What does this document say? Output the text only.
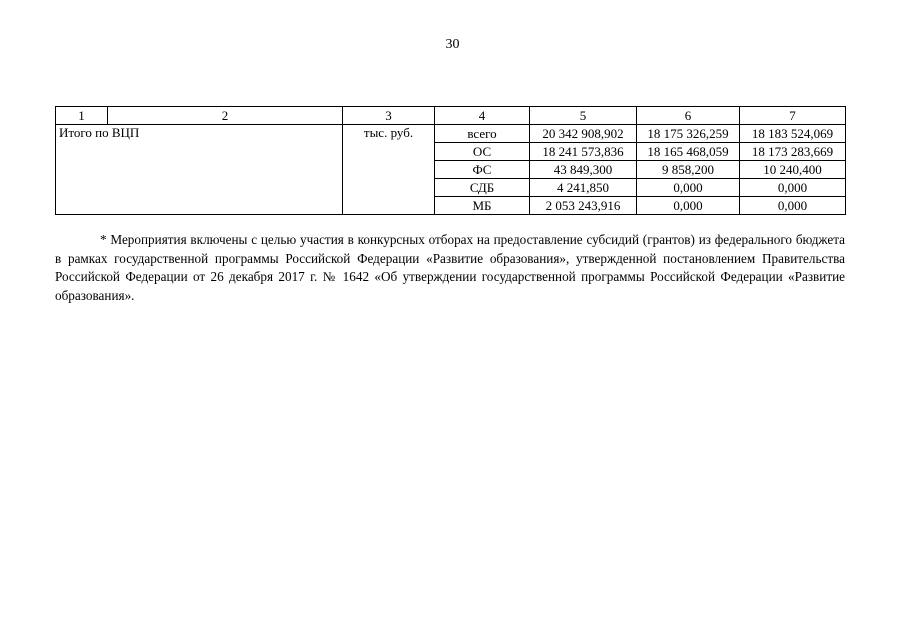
30
1	2	3	4	5	6	7
Итого по ВЦП		тыс. руб.	всего	20 342 908,902	18 175 326,259	18 183 524,069
			ОС	18 241 573,836	18 165 468,059	18 173 283,669
			ФС	43 849,300	9 858,200	10 240,400
			СДБ	4 241,850	0,000	0,000
			МБ	2 053 243,916	0,000	0,000

* Мероприятия включены с целью участия в конкурсных отборах на предоставление субсидий (грантов) из федерального бюджета в рамках государственной программы Российской Федерации «Развитие образования», утвержденной постановлением Правительства Российской Федерации от 26 декабря 2017 г. № 1642 «Об утверждении государственной программы Российской Федерации «Развитие образования».
